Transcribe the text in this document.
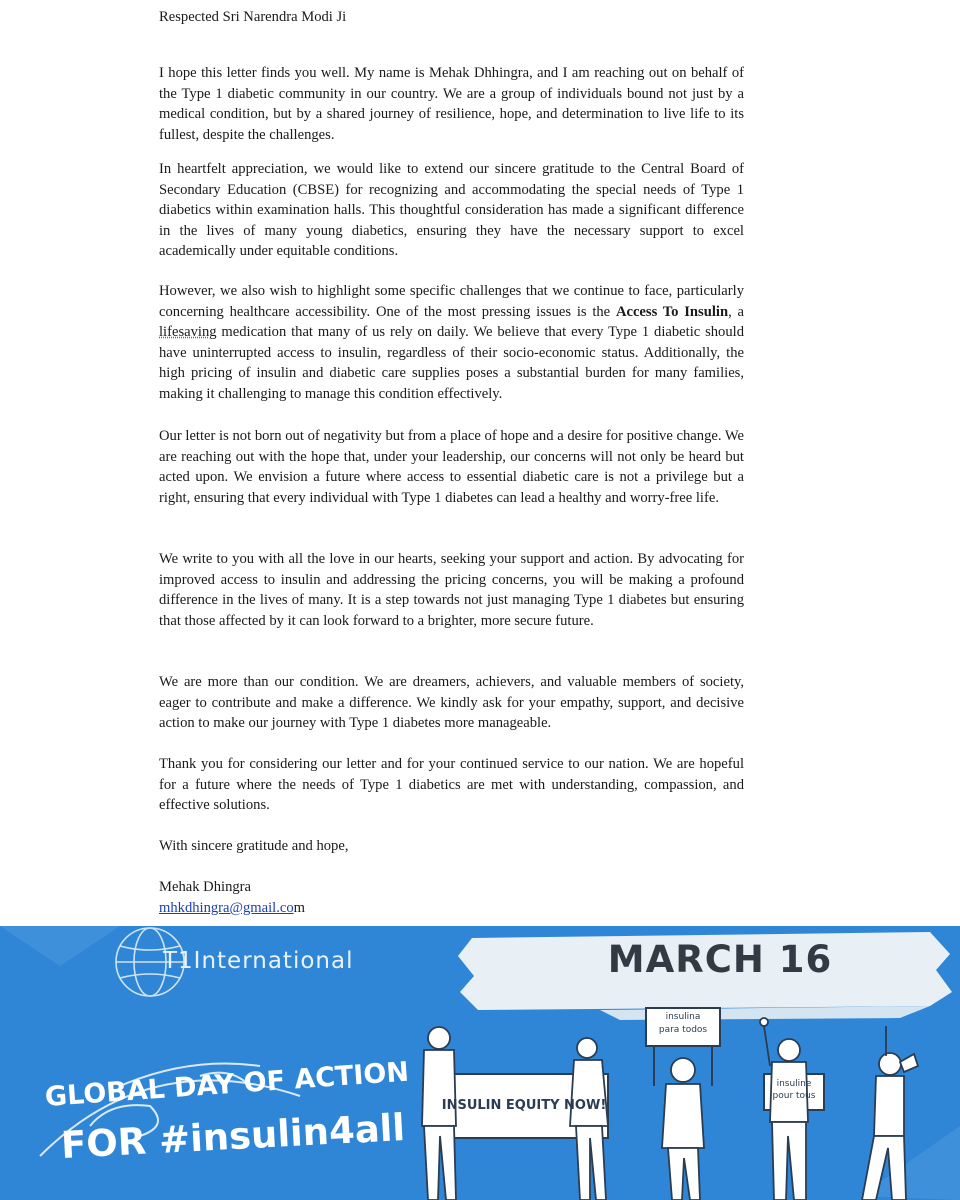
Respected Sri Narendra Modi Ji

I hope this letter finds you well. My name is Mehak Dhhingra, and I am reaching out on behalf of the Type 1 diabetic community in our country. We are a group of individuals bound not just by a medical condition, but by a shared journey of resilience, hope, and determination to live life to its fullest, despite the challenges.

In heartfelt appreciation, we would like to extend our sincere gratitude to the Central Board of Secondary Education (CBSE) for recognizing and accommodating the special needs of Type 1 diabetics within examination halls. This thoughtful consideration has made a significant difference in the lives of many young diabetics, ensuring they have the necessary support to excel academically under equitable conditions.

However, we also wish to highlight some specific challenges that we continue to face, particularly concerning healthcare accessibility. One of the most pressing issues is the Access To Insulin, a lifesaving medication that many of us rely on daily. We believe that every Type 1 diabetic should have uninterrupted access to insulin, regardless of their socio-economic status. Additionally, the high pricing of insulin and diabetic care supplies poses a substantial burden for many families, making it challenging to manage this condition effectively.

Our letter is not born out of negativity but from a place of hope and a desire for positive change. We are reaching out with the hope that, under your leadership, our concerns will not only be heard but acted upon. We envision a future where access to essential diabetic care is not a privilege but a right, ensuring that every individual with Type 1 diabetes can lead a healthy and worry-free life.

We write to you with all the love in our hearts, seeking your support and action. By advocating for improved access to insulin and addressing the pricing concerns, you will be making a profound difference in the lives of many. It is a step towards not just managing Type 1 diabetes but ensuring that those affected by it can look forward to a brighter, more secure future.

We are more than our condition. We are dreamers, achievers, and valuable members of society, eager to contribute and make a difference. We kindly ask for your empathy, support, and decisive action to make our journey with Type 1 diabetes more manageable.

Thank you for considering our letter and for your continued service to our nation. We are hopeful for a future where the needs of Type 1 diabetics are met with understanding, compassion, and effective solutions.

With sincere gratitude and hope,

Mehak Dhingra

mhkdhingra@gmail.com

T1International	MARCH 16
GLOBAL DAY OF ACTION
FOR #insulin4all
INSULIN EQUITY NOW!
insulina
para todos
insuline
pour tous
